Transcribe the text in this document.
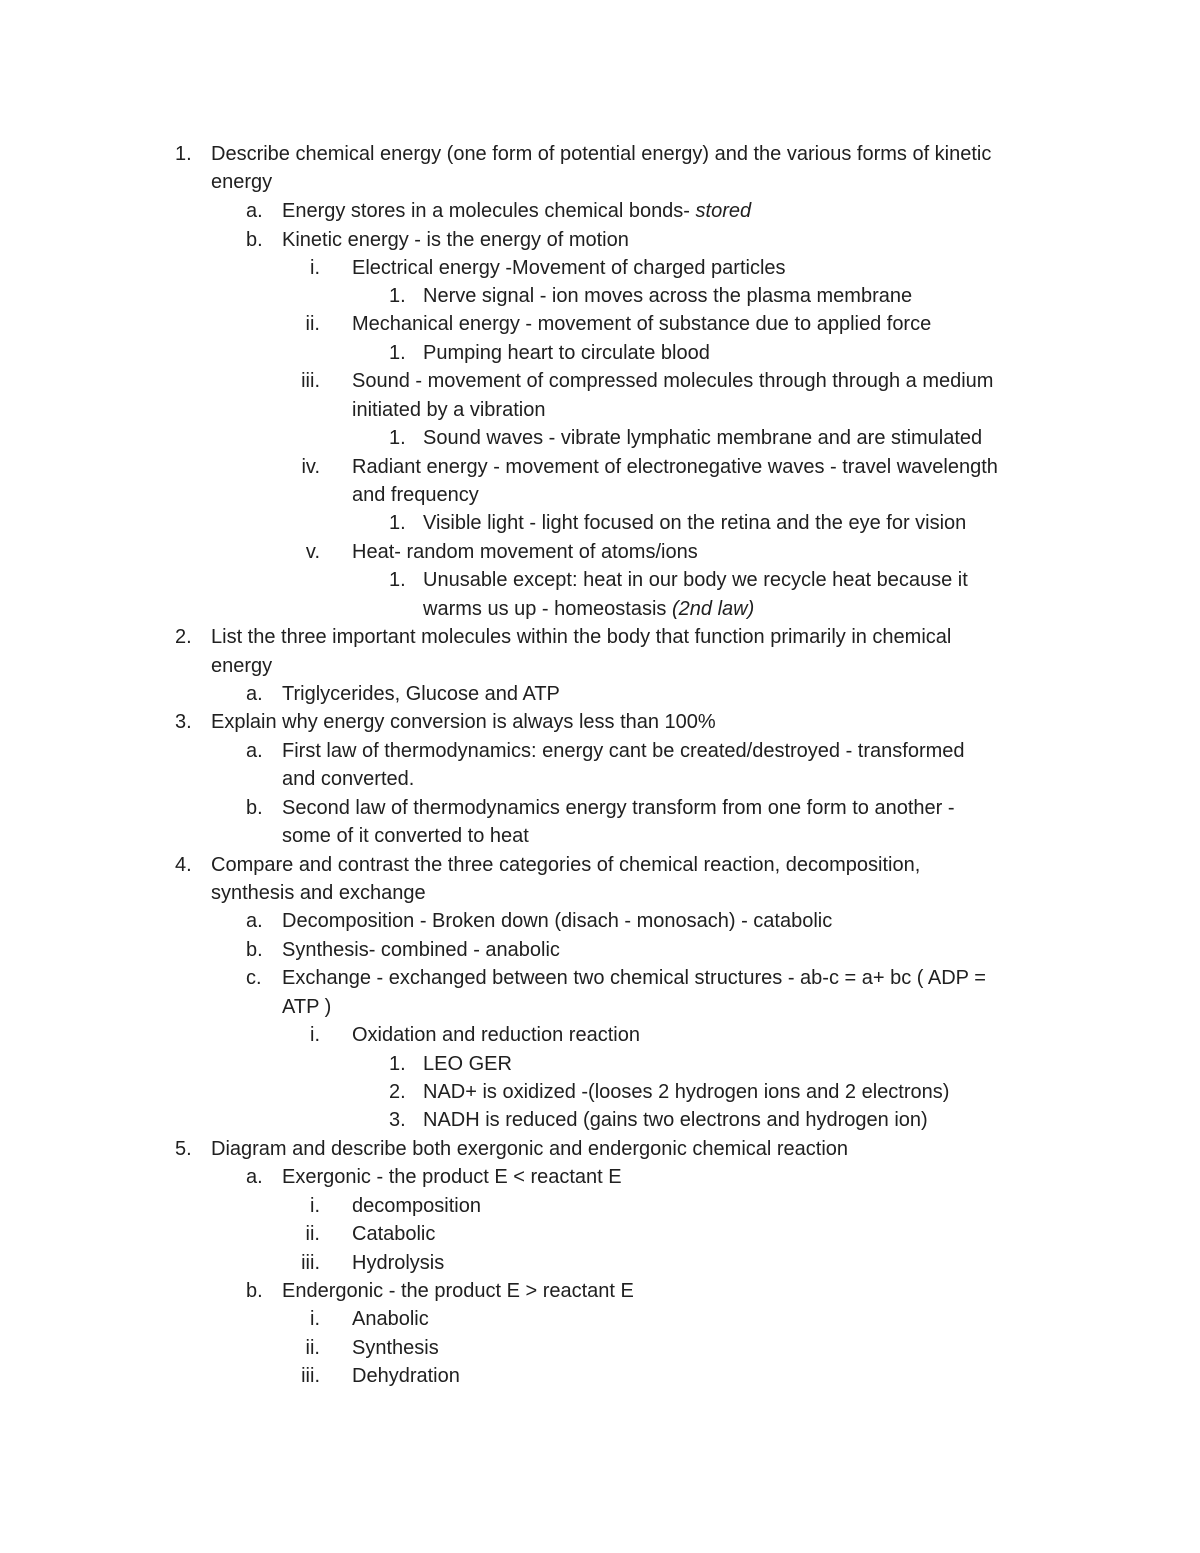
1. Describe chemical energy (one form of potential energy) and the various forms of kinetic
energy
a. Energy stores in a molecules chemical bonds- stored
b. Kinetic energy - is the energy of motion
i. Electrical energy -Movement of charged particles
1. Nerve signal - ion moves across the plasma membrane
ii. Mechanical energy - movement of substance due to applied force
1. Pumping heart to circulate blood
iii. Sound - movement of compressed molecules through through a medium
initiated by a vibration
1. Sound waves - vibrate lymphatic membrane and are stimulated
iv. Radiant energy - movement of electronegative waves - travel wavelength
and frequency
1. Visible light - light focused on the retina and the eye for vision
v. Heat- random movement of atoms/ions
1. Unusable except: heat in our body we recycle heat because it
warms us up - homeostasis (2nd law)
2. List the three important molecules within the body that function primarily in chemical
energy
a. Triglycerides, Glucose and ATP
3. Explain why energy conversion is always less than 100%
a. First law of thermodynamics: energy cant be created/destroyed - transformed
and converted.
b. Second law of thermodynamics energy transform from one form to another -
some of it converted to heat
4. Compare and contrast the three categories of chemical reaction, decomposition,
synthesis and exchange
a. Decomposition - Broken down (disach - monosach) - catabolic
b. Synthesis- combined - anabolic
c. Exchange - exchanged between two chemical structures - ab-c = a+ bc ( ADP =
ATP )
i. Oxidation and reduction reaction
1. LEO GER
2. NAD+ is oxidized -(looses 2 hydrogen ions and 2 electrons)
3. NADH is reduced (gains two electrons and hydrogen ion)
5. Diagram and describe both exergonic and endergonic chemical reaction
a. Exergonic - the product E < reactant E
i. decomposition
ii. Catabolic
iii. Hydrolysis
b. Endergonic - the product E > reactant E
i. Anabolic
ii. Synthesis
iii. Dehydration
